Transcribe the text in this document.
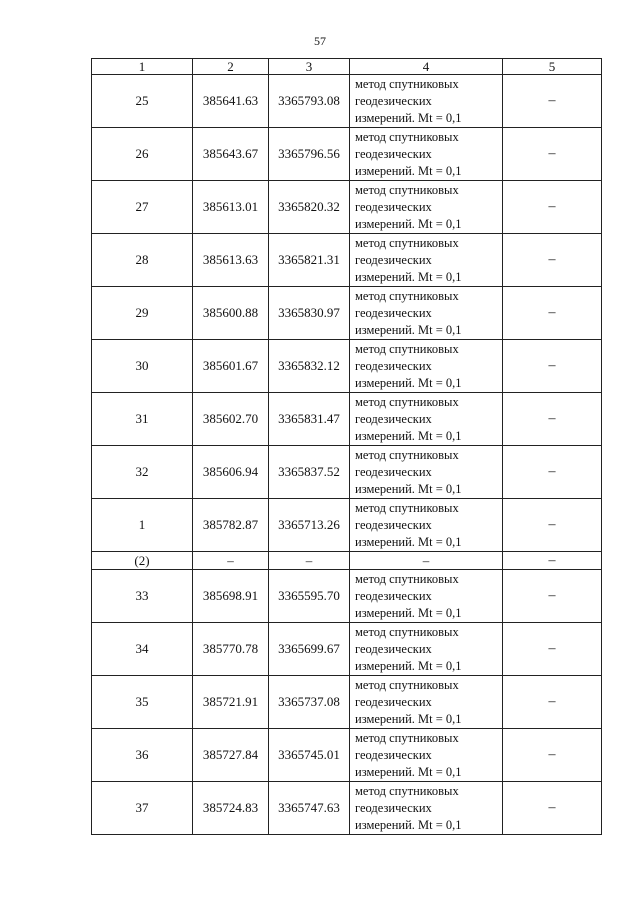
57
1	2	3	4	5
25	385641.63	3365793.08	метод спутниковых
геодезических
измерений. Mt = 0,1	–
26	385643.67	3365796.56	метод спутниковых
геодезических
измерений. Mt = 0,1	–
27	385613.01	3365820.32	метод спутниковых
геодезических
измерений. Mt = 0,1	–
28	385613.63	3365821.31	метод спутниковых
геодезических
измерений. Mt = 0,1	–
29	385600.88	3365830.97	метод спутниковых
геодезических
измерений. Mt = 0,1	–
30	385601.67	3365832.12	метод спутниковых
геодезических
измерений. Mt = 0,1	–
31	385602.70	3365831.47	метод спутниковых
геодезических
измерений. Mt = 0,1	–
32	385606.94	3365837.52	метод спутниковых
геодезических
измерений. Mt = 0,1	–
1	385782.87	3365713.26	метод спутниковых
геодезических
измерений. Mt = 0,1	–
(2)	–	–	–	–
33	385698.91	3365595.70	метод спутниковых
геодезических
измерений. Mt = 0,1	–
34	385770.78	3365699.67	метод спутниковых
геодезических
измерений. Mt = 0,1	–
35	385721.91	3365737.08	метод спутниковых
геодезических
измерений. Mt = 0,1	–
36	385727.84	3365745.01	метод спутниковых
геодезических
измерений. Mt = 0,1	–
37	385724.83	3365747.63	метод спутниковых
геодезических
измерений. Mt = 0,1	–
